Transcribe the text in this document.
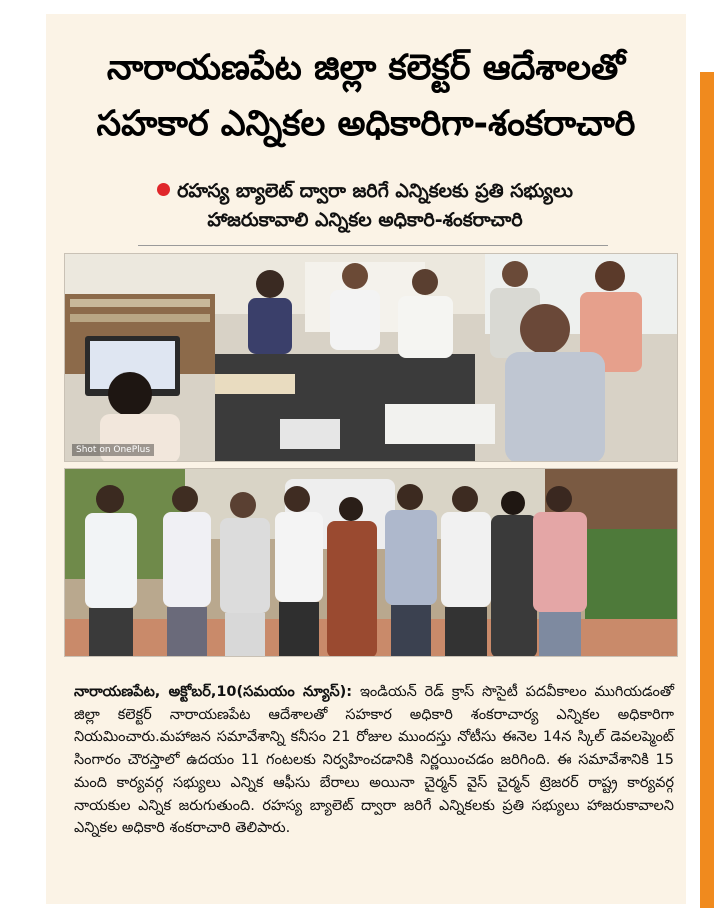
నారాయణపేట జిల్లా కలెక్టర్ ఆదేశాలతో
సహకార ఎన్నికల అధికారిగా-శంకరాచారి
రహస్య బ్యాలెట్ ద్వారా జరిగే ఎన్నికలకు ప్రతి సభ్యులు
హాజరుకావాలి ఎన్నికల అధికారి-శంకరాచారి
Shot on OnePlus

నారాయణపేట, అక్టోబర్,10(సమయం న్యూస్): ఇండియన్ రెడ్ క్రాస్ సొసైటీ పదవీకాలం ముగియడంతో జిల్లా కలెక్టర్ నారాయణపేట ఆదేశాలతో సహకార అధికారి శంకరాచార్య ఎన్నికల అధికారిగా నియమించారు.మహాజన సమావేశాన్ని కనీసం 21 రోజుల ముందస్తు నోటీసు ఈనెల 14న స్కిల్ డెవలప్మెంట్ సింగారం చౌరస్తాలో ఉదయం 11 గంటలకు నిర్వహించడానికి నిర్ణయించడం జరిగింది. ఈ సమావేశానికి 15 మంది కార్యవర్గ సభ్యులు ఎన్నిక ఆఫీసు బేరాలు అయినా చైర్మన్ వైస్ చైర్మన్ ట్రెజరర్ రాష్ట్ర కార్యవర్గ నాయకుల ఎన్నిక జరుగుతుంది. రహస్య బ్యాలెట్ ద్వారా జరిగే ఎన్నికలకు ప్రతి సభ్యులు హాజరుకావాలని ఎన్నికల అధికారి శంకరాచారి తెలిపారు.
